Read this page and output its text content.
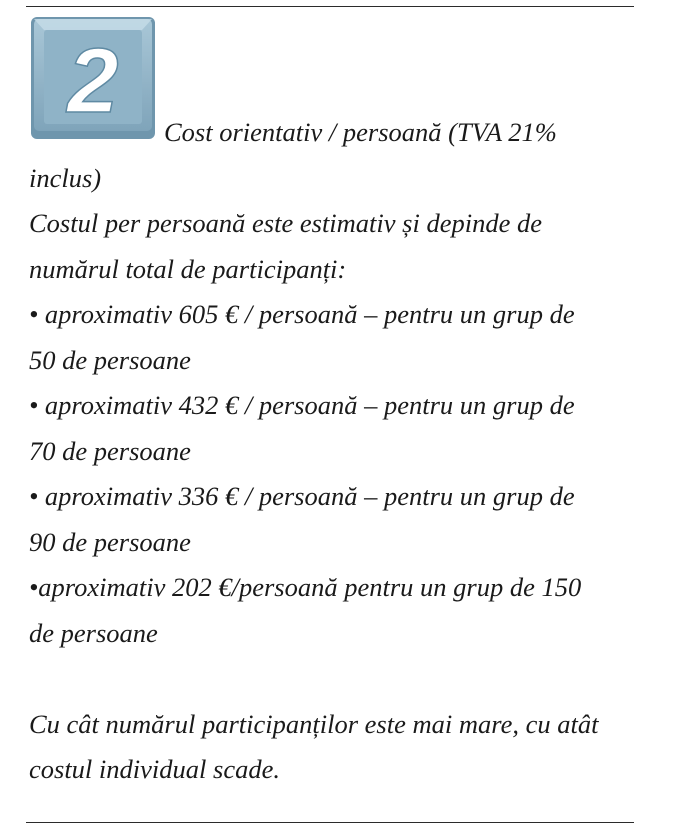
2	Cost orientativ / persoană (TVA 21%
inclus)
Costul per persoană este estimativ și depinde de
numărul total de participanți:
• aproximativ 605 € / persoană – pentru un grup de
50 de persoane
• aproximativ 432 € / persoană – pentru un grup de
70 de persoane
• aproximativ 336 € / persoană – pentru un grup de
90 de persoane
•aproximativ 202 €/persoană pentru un grup de 150
de persoane
Cu cât numărul participanților este mai mare, cu atât
costul individual scade.
